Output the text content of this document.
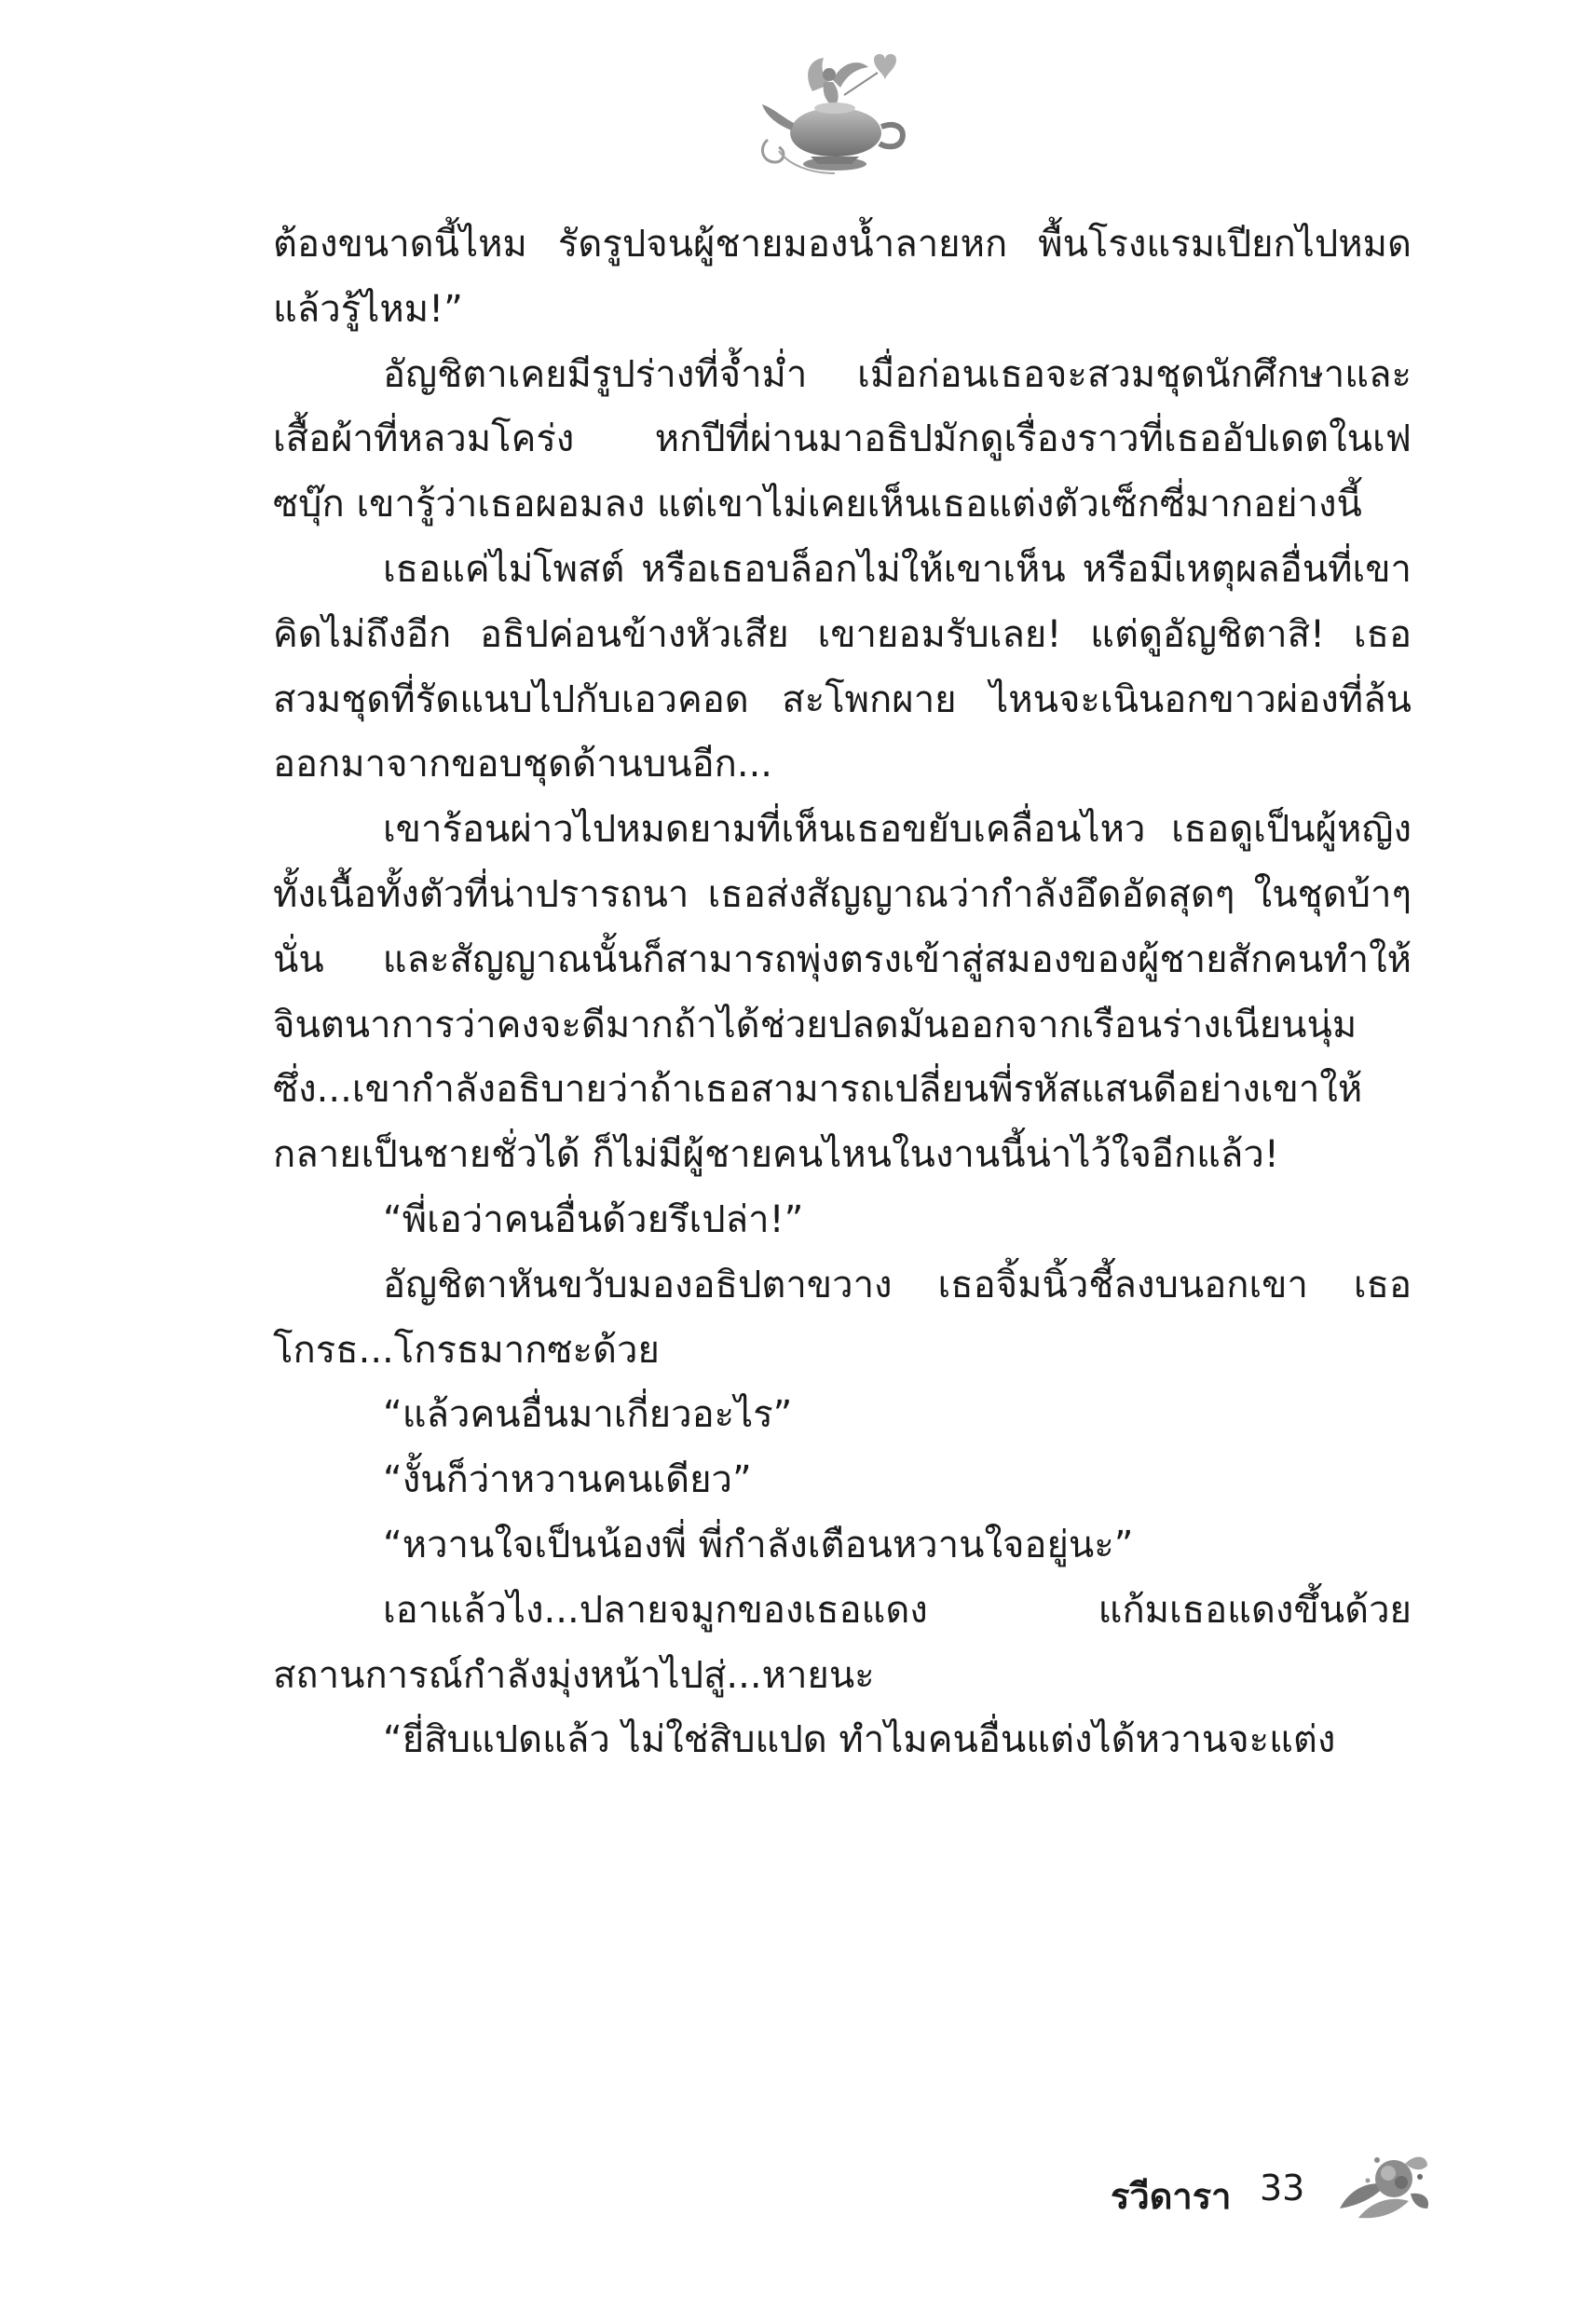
ต้องขนาดนี้ไหม รัดรูปจนผู้ชายมองน้ำลายหก พื้นโรงแรมเปียกไปหมดแล้วรู้ไหม!”

อัญชิตาเคยมีรูปร่างที่จ้ำม่ำ เมื่อก่อนเธอจะสวมชุดนักศึกษาและเสื้อผ้าที่หลวมโคร่ง หกปีที่ผ่านมาอธิปมักดูเรื่องราวที่เธออัปเดตในเฟซบุ๊ก เขารู้ว่าเธอผอมลง แต่เขาไม่เคยเห็นเธอแต่งตัวเซ็กซี่มากอย่างนี้

เธอแค่ไม่โพสต์ หรือเธอบล็อกไม่ให้เขาเห็น หรือมีเหตุผลอื่นที่เขาคิดไม่ถึงอีก อธิปค่อนข้างหัวเสีย เขายอมรับเลย! แต่ดูอัญชิตาสิ! เธอสวมชุดที่รัดแนบไปกับเอวคอด สะโพกผาย ไหนจะเนินอกขาวผ่องที่ล้นออกมาจากขอบชุดด้านบนอีก...

เขาร้อนผ่าวไปหมดยามที่เห็นเธอขยับเคลื่อนไหว เธอดูเป็นผู้หญิงทั้งเนื้อทั้งตัวที่น่าปรารถนา เธอส่งสัญญาณว่ากำลังอึดอัดสุดๆ ในชุดบ้าๆ นั่น และสัญญาณนั้นก็สามารถพุ่งตรงเข้าสู่สมองของผู้ชายสักคนทำให้จินตนาการว่าคงจะดีมากถ้าได้ช่วยปลดมันออกจากเรือนร่างเนียนนุ่ม ซึ่ง...เขากำลังอธิบายว่าถ้าเธอสามารถเปลี่ยนพี่รหัสแสนดีอย่างเขาให้กลายเป็นชายชั่วได้ ก็ไม่มีผู้ชายคนไหนในงานนี้น่าไว้ใจอีกแล้ว!

“พี่เอว่าคนอื่นด้วยรึเปล่า!”

อัญชิตาหันขวับมองอธิปตาขวาง เธอจิ้มนิ้วชี้ลงบนอกเขา เธอโกรธ...โกรธมากซะด้วย

“แล้วคนอื่นมาเกี่ยวอะไร”

“งั้นก็ว่าหวานคนเดียว”

“หวานใจเป็นน้องพี่ พี่กำลังเตือนหวานใจอยู่นะ”

เอาแล้วไง...ปลายจมูกของเธอแดง แก้มเธอแดงขึ้นด้วยสถานการณ์กำลังมุ่งหน้าไปสู่...หายนะ

“ยี่สิบแปดแล้ว ไม่ใช่สิบแปด ทำไมคนอื่นแต่งได้หวานจะแต่ง

รวีดารา 33
